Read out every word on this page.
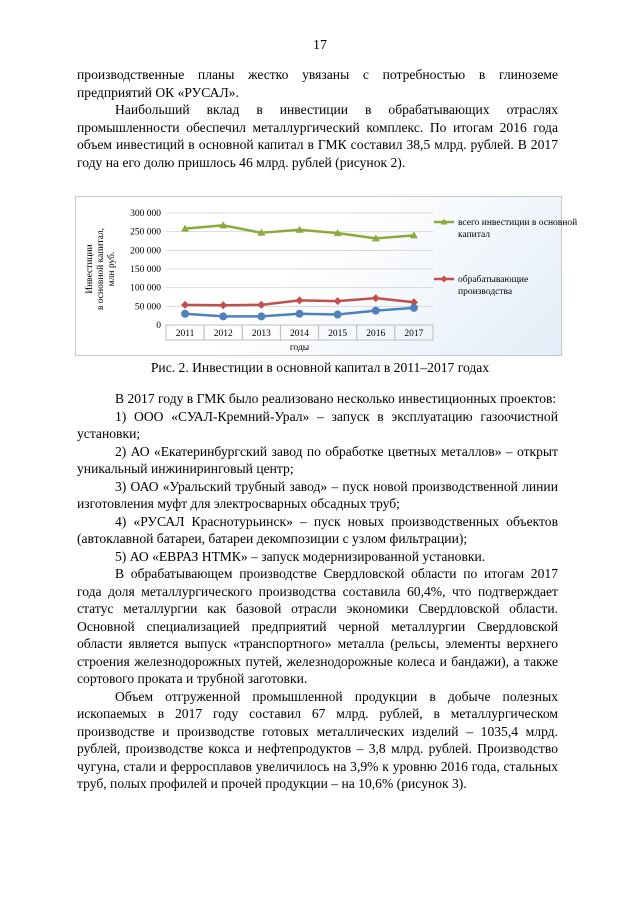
17

производственные планы жестко увязаны с потребностью в глиноземе предприятий ОК «РУСАЛ».

Наибольший вклад в инвестиции в обрабатывающих отраслях промышленности обеспечил металлургический комплекс. По итогам 2016 года объем инвестиций в основной капитал в ГМК составил 38,5 млрд. рублей. В 2017 году на его долю пришлось 46 млрд. рублей (рисунок 2).

0
50 000
100 000
150 000
200 000
250 000
300 000
2011 2012 2013 2014 2015 2016 2017
годы
Инвестиции в основной капитал, млн руб.
всего инвестиции в основной
капитал
обрабатывающие
производства
Рис. 2. Инвестиции в основной капитал в 2011–2017 годах

В 2017 году в ГМК было реализовано несколько инвестиционных проектов:

1) ООО «СУАЛ-Кремний-Урал» – запуск в эксплуатацию газоочистной установки;

2) АО «Екатеринбургский завод по обработке цветных металлов» – открыт уникальный инжиниринговый центр;

3) ОАО «Уральский трубный завод» – пуск новой производственной линии изготовления муфт для электросварных обсадных труб;

4) «РУСАЛ Краснотурьинск» – пуск новых производственных объектов (автоклавной батареи, батареи декомпозиции с узлом фильтрации);

5) АО «ЕВРАЗ НТМК» – запуск модернизированной установки.

В обрабатывающем производстве Свердловской области по итогам 2017 года доля металлургического производства составила 60,4%, что подтверждает статус металлургии как базовой отрасли экономики Свердловской области. Основной специализацией предприятий черной металлургии Свердловской области является выпуск «транспортного» металла (рельсы, элементы верхнего строения железнодорожных путей, железнодорожные колеса и бандажи), а также сортового проката и трубной заготовки.

Объем отгруженной промышленной продукции в добыче полезных ископаемых в 2017 году составил 67 млрд. рублей, в металлургическом производстве и производстве готовых металлических изделий – 1035,4 млрд. рублей, производстве кокса и нефтепродуктов – 3,8 млрд. рублей. Производство чугуна, стали и ферросплавов увеличилось на 3,9% к уровню 2016 года, стальных труб, полых профилей и прочей продукции – на 10,6% (рисунок 3).
